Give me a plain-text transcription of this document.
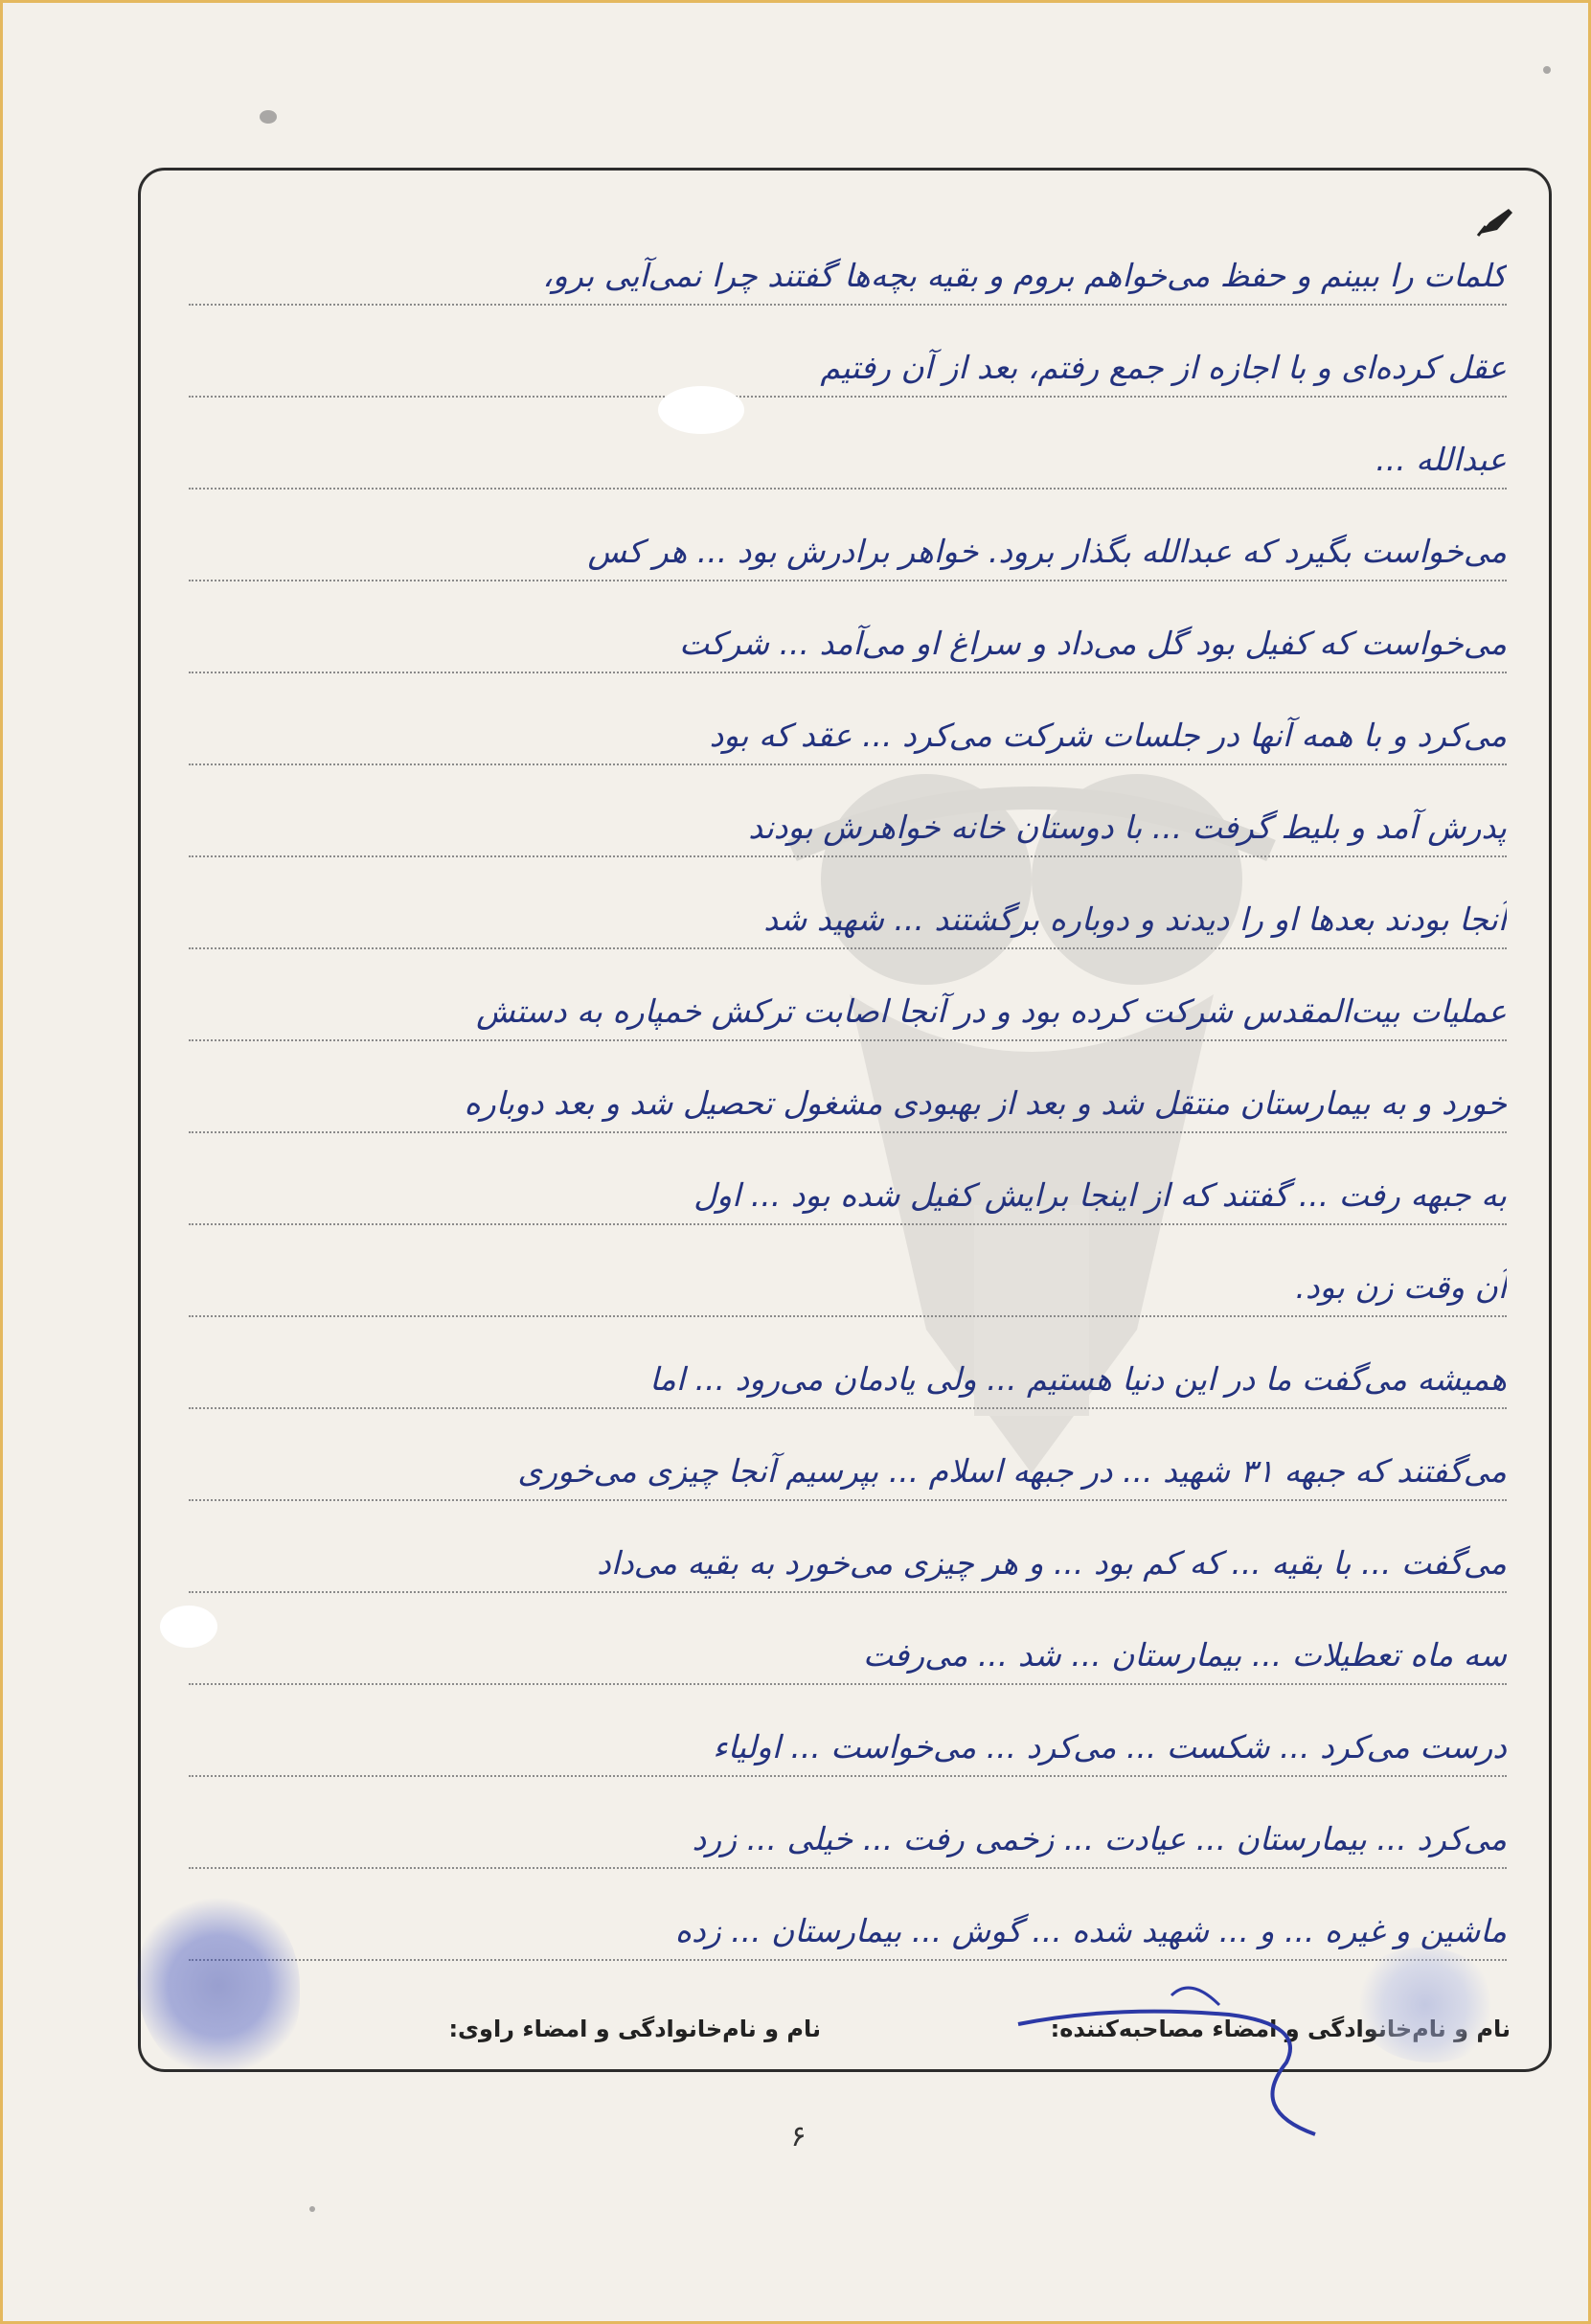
کلمات را ببینم و حفظ می‌خواهم بروم و بقیه بچه‌ها گفتند چرا نمی‌آیی برو،
عقل کرده‌ای و با اجازه از جمع رفتم، بعد از آن رفتیم
عبدالله ...
می‌خواست بگیرد که عبدالله بگذار برود. خواهر برادرش بود ... هر کس
می‌خواست که کفیل بود گل می‌داد و سراغ او می‌آمد ... شرکت
می‌کرد و با همه آنها در جلسات شرکت می‌کرد ... عقد که بود
پدرش آمد و بلیط گرفت ... با دوستان خانه خواهرش بودند
آنجا بودند بعدها او را دیدند و دوباره برگشتند ... شهید شد
عملیات بیت‌المقدس شرکت کرده بود و در آنجا اصابت ترکش خمپاره به دستش
خورد و به بیمارستان منتقل شد و بعد از بهبودی مشغول تحصیل شد و بعد دوباره
به جبهه رفت ... گفتند که از اینجا برایش کفیل شده بود ... اول
آن وقت زن بود.
همیشه می‌گفت ما در این دنیا هستیم ... ولی یادمان می‌رود ... اما
می‌گفتند که جبهه ۳۱ شهید ... در جبهه اسلام ... بپرسیم آنجا چیزی می‌خوری
می‌گفت ... با بقیه ... که کم بود ... و هر چیزی می‌خورد به بقیه می‌داد
سه ماه تعطیلات ... بیمارستان ... شد ... می‌رفت
درست می‌کرد ... شکست ... می‌کرد ... می‌خواست ... اولیاء
می‌کرد ... بیمارستان ... عیادت ... زخمی رفت ... خیلی ... زرد
ماشین و غیره ... و ... شهید شده ... گوش ... بیمارستان ... زده
نام و نام‌خانوادگی و امضاء مصاحبه‌کننده:
نام و نام‌خانوادگی و امضاء راوی:
۶
